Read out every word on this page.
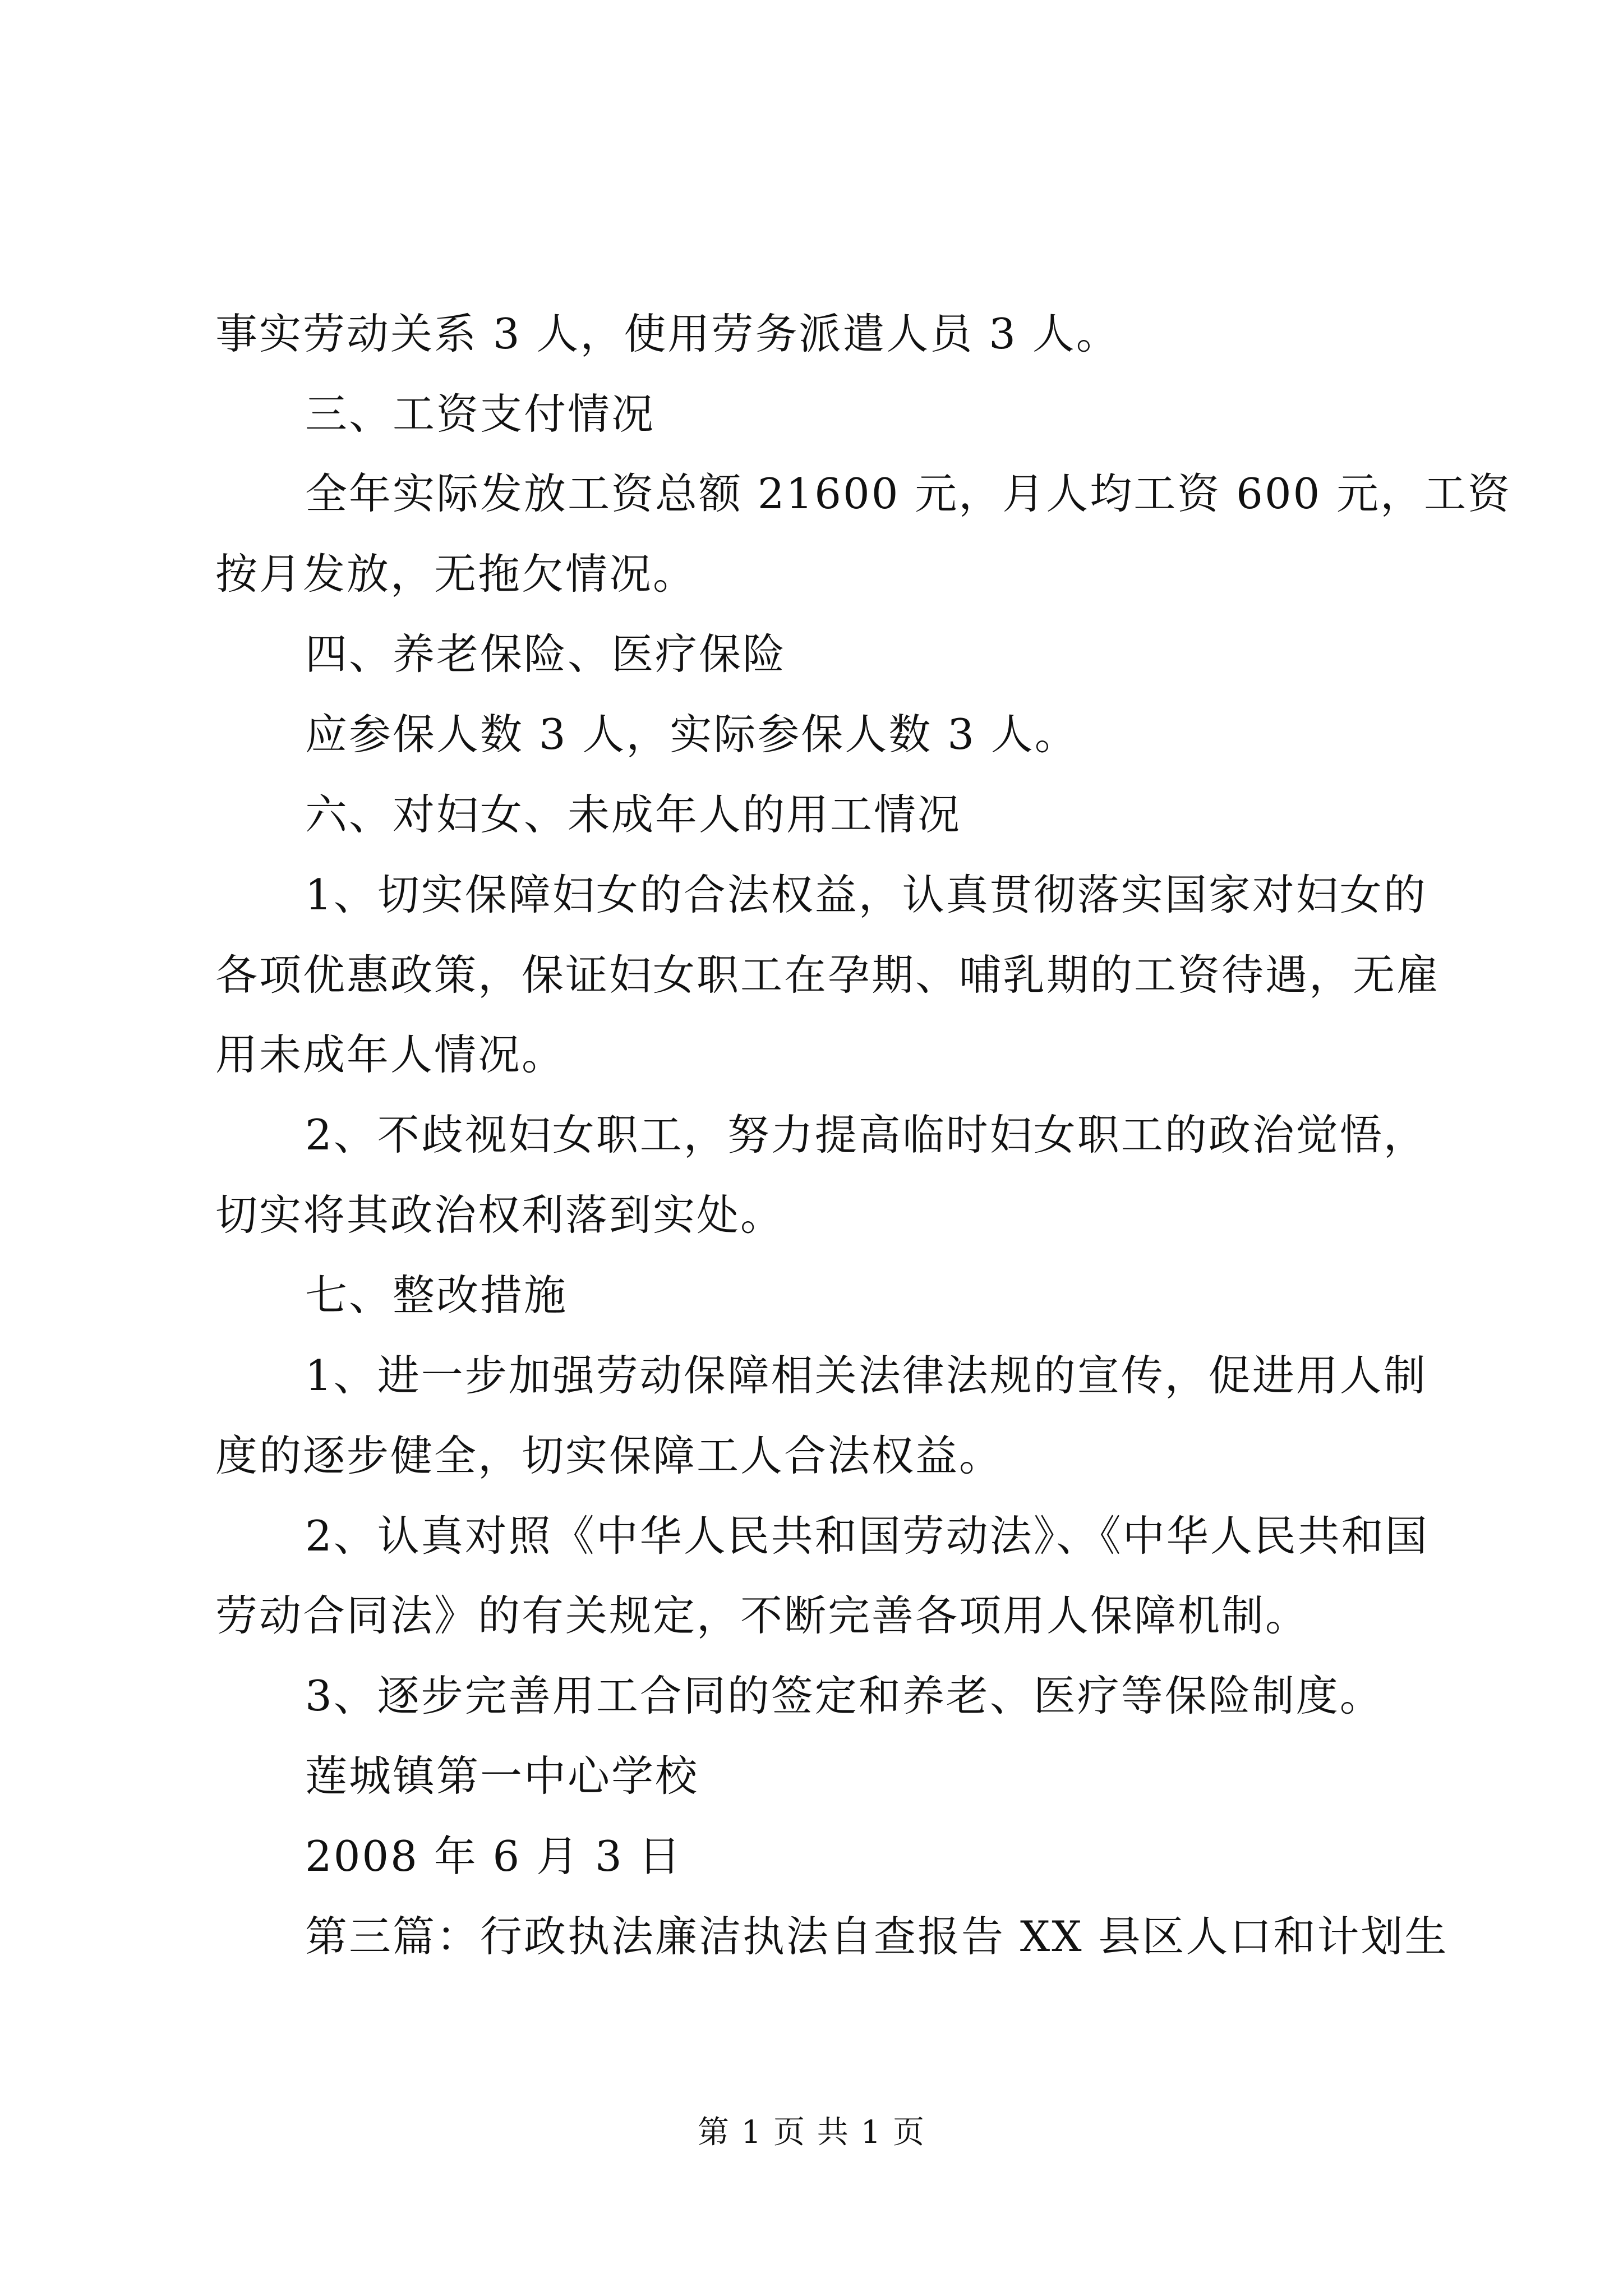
事实劳动关系 3 人，使用劳务派遣人员 3 人。
三、工资支付情况
全年实际发放工资总额 21600 元，月人均工资 600 元，工资
按月发放，无拖欠情况。
四、养老保险、医疗保险
应参保人数 3 人，实际参保人数 3 人。
六、对妇女、未成年人的用工情况
1、切实保障妇女的合法权益，认真贯彻落实国家对妇女的
各项优惠政策，保证妇女职工在孕期、哺乳期的工资待遇，无雇
用未成年人情况。
2、不歧视妇女职工，努力提高临时妇女职工的政治觉悟，
切实将其政治权利落到实处。
七、整改措施
1、进一步加强劳动保障相关法律法规的宣传，促进用人制
度的逐步健全，切实保障工人合法权益。
2、认真对照《中华人民共和国劳动法》、《中华人民共和国
劳动合同法》的有关规定，不断完善各项用人保障机制。
3、逐步完善用工合同的签定和养老、医疗等保险制度。
莲城镇第一中心学校
2008 年 6 月 3 日
第三篇：行政执法廉洁执法自查报告 XX 县区人口和计划生
第 1 页 共 1 页
